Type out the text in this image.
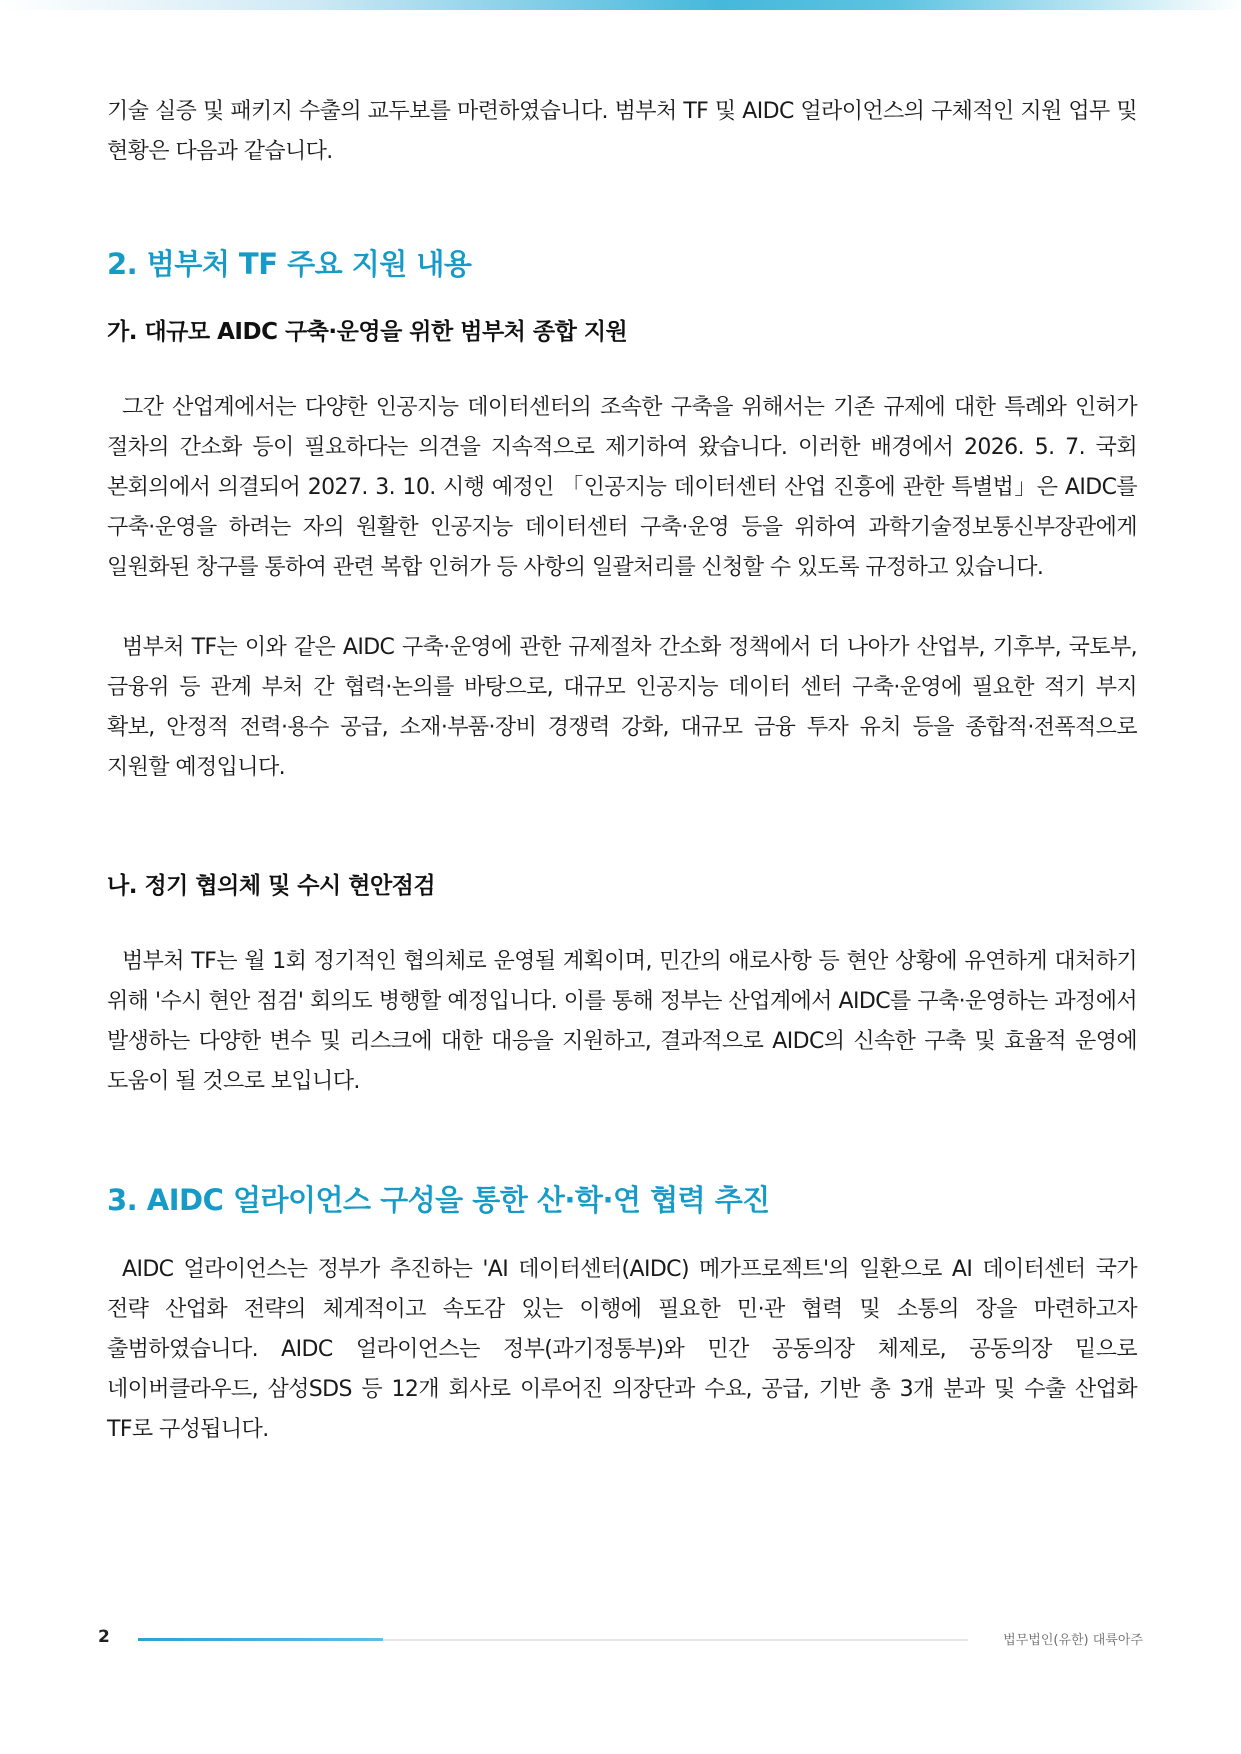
기술 실증 및 패키지 수출의 교두보를 마련하였습니다. 범부처 TF 및 AIDC 얼라이언스의 구체적인 지원 업무 및 현황은 다음과 같습니다.

2. 범부처 TF 주요 지원 내용
가. 대규모 AIDC 구축·운영을 위한 범부처 종합 지원

그간 산업계에서는 다양한 인공지능 데이터센터의 조속한 구축을 위해서는 기존 규제에 대한 특례와 인허가 절차의 간소화 등이 필요하다는 의견을 지속적으로 제기하여 왔습니다. 이러한 배경에서 2026. 5. 7. 국회 본회의에서 의결되어 2027. 3. 10. 시행 예정인 「인공지능 데이터센터 산업 진흥에 관한 특별법」은 AIDC를 구축·운영을 하려는 자의 원활한 인공지능 데이터센터 구축·운영 등을 위하여 과학기술정보통신부장관에게 일원화된 창구를 통하여 관련 복합 인허가 등 사항의 일괄처리를 신청할 수 있도록 규정하고 있습니다.

범부처 TF는 이와 같은 AIDC 구축·운영에 관한 규제절차 간소화 정책에서 더 나아가 산업부, 기후부, 국토부, 금융위 등 관계 부처 간 협력·논의를 바탕으로, 대규모 인공지능 데이터 센터 구축·운영에 필요한 적기 부지 확보, 안정적 전력·용수 공급, 소재·부품·장비 경쟁력 강화, 대규모 금융 투자 유치 등을 종합적·전폭적으로 지원할 예정입니다.

나. 정기 협의체 및 수시 현안점검

범부처 TF는 월 1회 정기적인 협의체로 운영될 계획이며, 민간의 애로사항 등 현안 상황에 유연하게 대처하기 위해 '수시 현안 점검' 회의도 병행할 예정입니다. 이를 통해 정부는 산업계에서 AIDC를 구축·운영하는 과정에서 발생하는 다양한 변수 및 리스크에 대한 대응을 지원하고, 결과적으로 AIDC의 신속한 구축 및 효율적 운영에 도움이 될 것으로 보입니다.

3. AIDC 얼라이언스 구성을 통한 산·학·연 협력 추진

AIDC 얼라이언스는 정부가 추진하는 'AI 데이터센터(AIDC) 메가프로젝트'의 일환으로 AI 데이터센터 국가 전략 산업화 전략의 체계적이고 속도감 있는 이행에 필요한 민·관 협력 및 소통의 장을 마련하고자 출범하였습니다. AIDC 얼라이언스는 정부(과기정통부)와 민간 공동의장 체제로, 공동의장 밑으로 네이버클라우드, 삼성SDS 등 12개 회사로 이루어진 의장단과 수요, 공급, 기반 총 3개 분과 및 수출 산업화 TF로 구성됩니다.

2	법무법인(유한) 대륙아주
